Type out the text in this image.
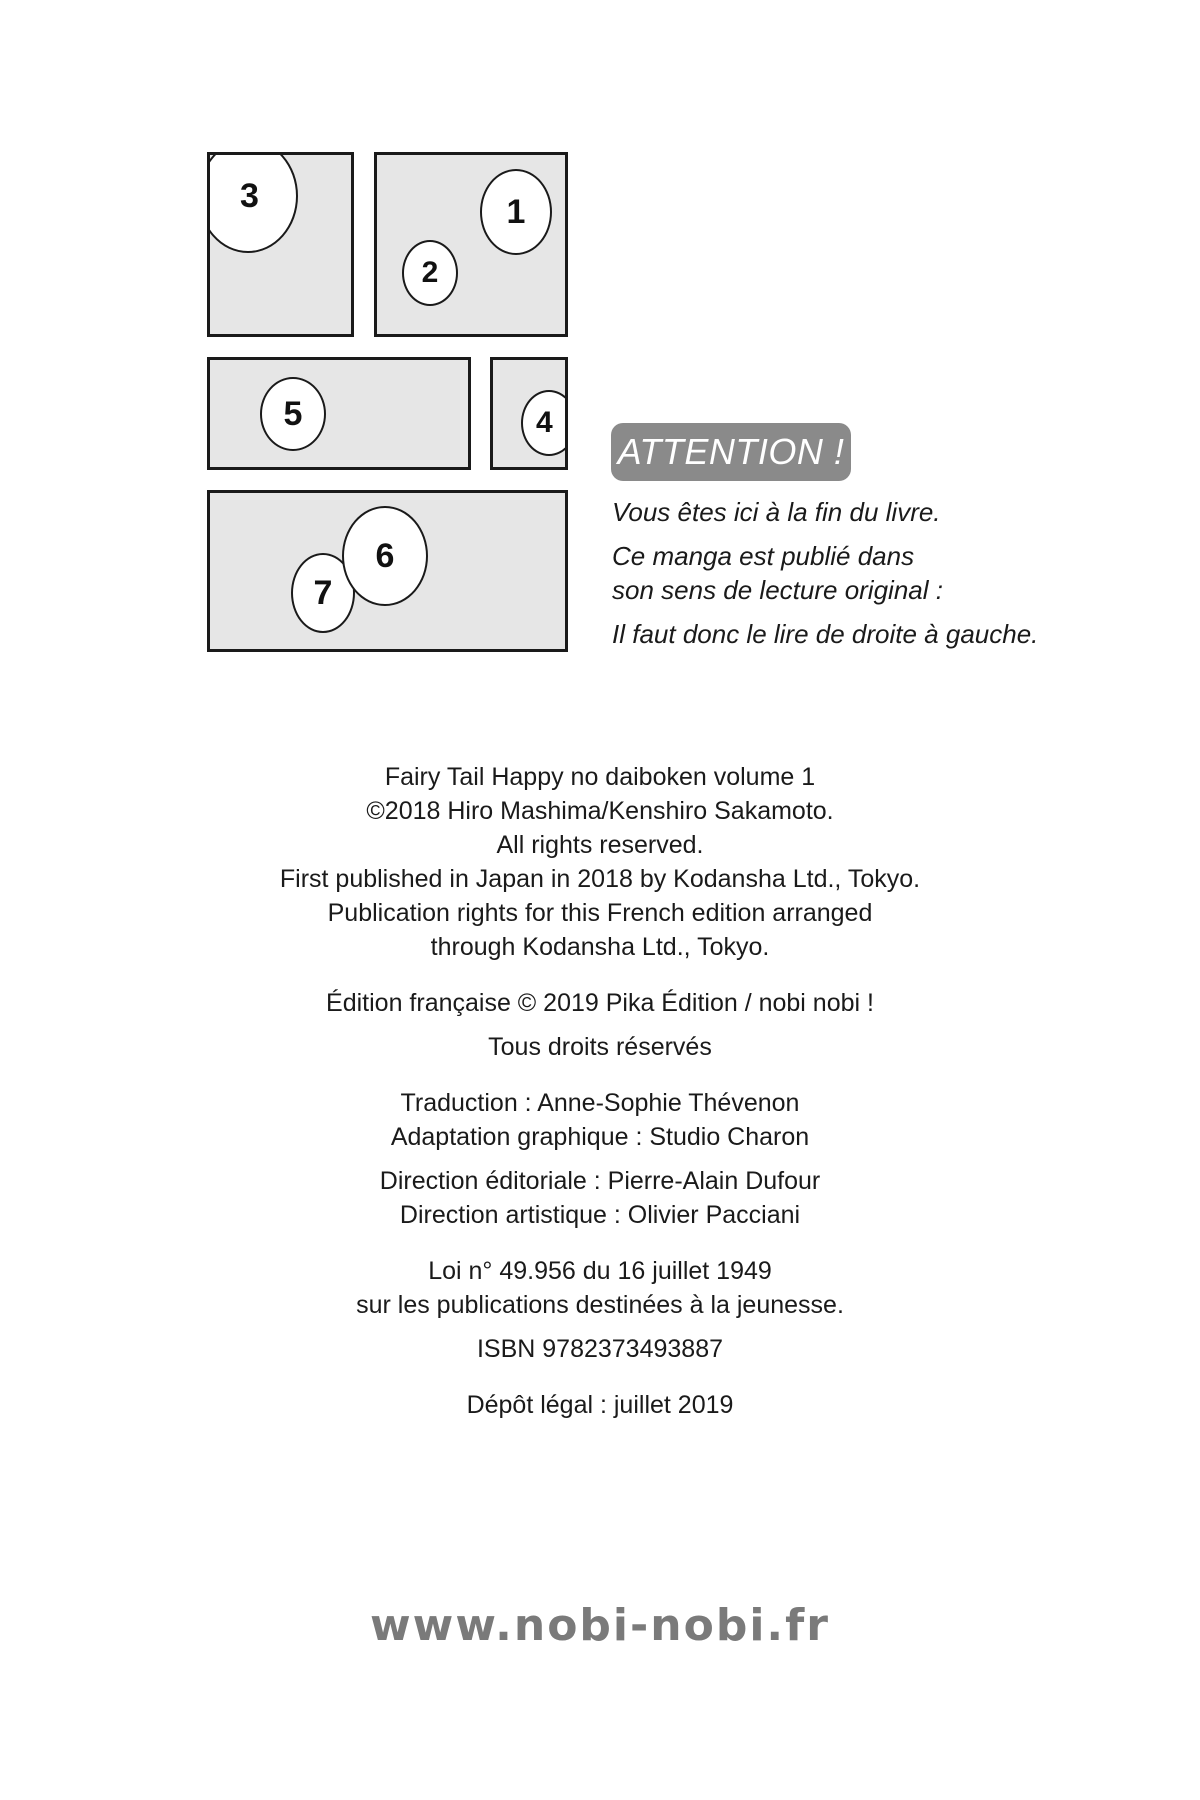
3	1
2
5	4
7
6
ATTENTION !

Vous êtes ici à la fin du livre.

Ce manga est publié dans

son sens de lecture original :

Il faut donc le lire de droite à gauche.

Fairy Tail Happy no daiboken volume 1
©2018 Hiro Mashima/Kenshiro Sakamoto.
All rights reserved.
First published in Japan in 2018 by Kodansha Ltd., Tokyo.
Publication rights for this French edition arranged
through Kodansha Ltd., Tokyo.
Édition française © 2019 Pika Édition / nobi nobi !
Tous droits réservés
Traduction : Anne-Sophie Thévenon
Adaptation graphique : Studio Charon
Direction éditoriale : Pierre-Alain Dufour
Direction artistique : Olivier Pacciani
Loi n° 49.956 du 16 juillet 1949
sur les publications destinées à la jeunesse.
ISBN 9782373493887
Dépôt légal : juillet 2019
www.nobi-nobi.fr
